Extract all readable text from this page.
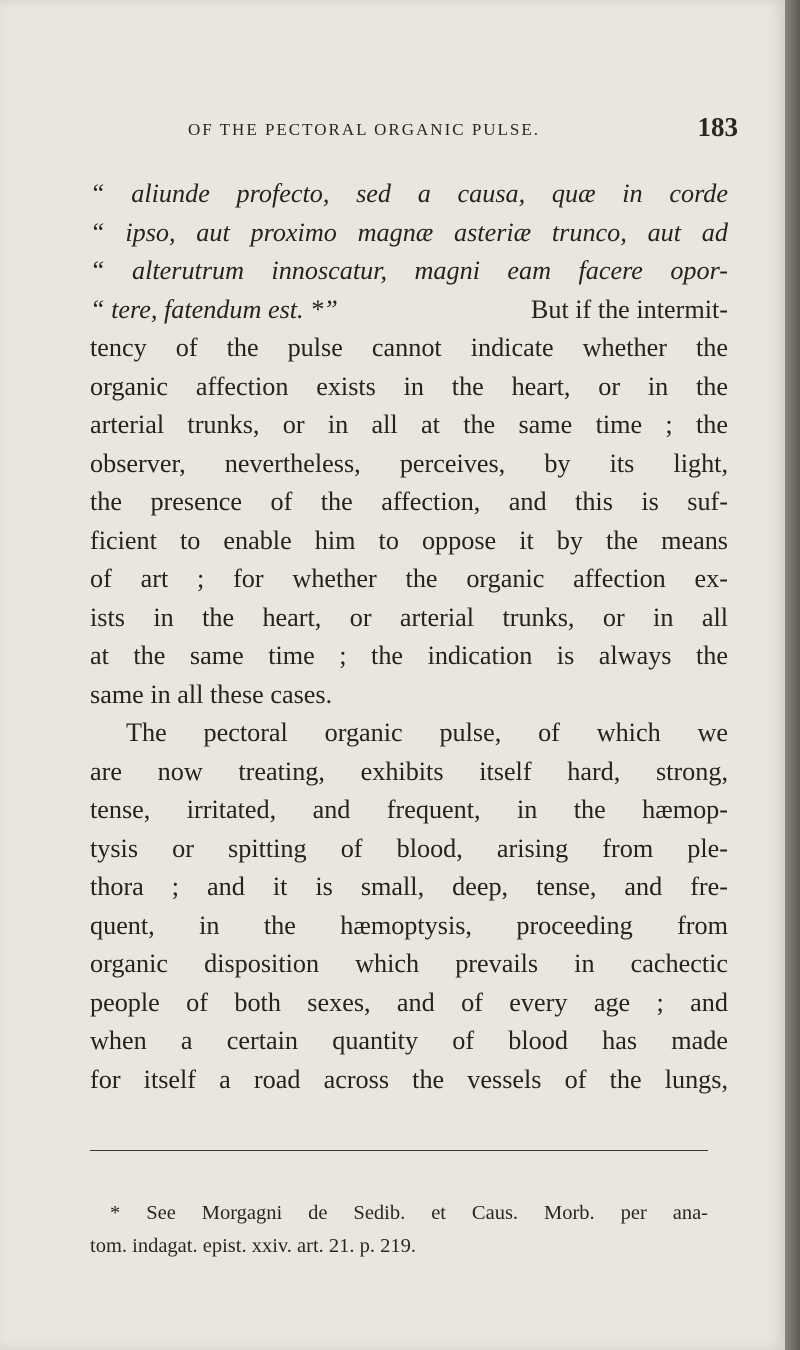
OF THE PECTORAL ORGANIC PULSE.	183
“ aliunde profecto, sed a causa, quæ in corde
“ ipso, aut proximo magnæ asteriæ trunco, aut ad
“ alterutrum innoscatur, magni eam facere opor-
“ tere, fatendum est. *”	But if the intermit-
tency of the pulse cannot indicate whether the
organic affection exists in the heart, or in the
arterial trunks, or in all at the same time ; the
observer, nevertheless, perceives, by its light,
the presence of the affection, and this is suf-
ficient to enable him to oppose it by the means
of art ; for whether the organic affection ex-
ists in the heart, or arterial trunks, or in all
at the same time ; the indication is always the
same in all these cases.
The pectoral organic pulse, of which we
are now treating, exhibits itself hard, strong,
tense, irritated, and frequent, in the hæmop-
tysis or spitting of blood, arising from ple-
thora ; and it is small, deep, tense, and fre-
quent, in the hæmoptysis, proceeding from
organic disposition which prevails in cachectic
people of both sexes, and of every age ; and
when a certain quantity of blood has made
for itself a road across the vessels of the lungs,
* See Morgagni de Sedib. et Caus. Morb. per ana-
tom. indagat. epist. xxiv. art. 21. p. 219.
